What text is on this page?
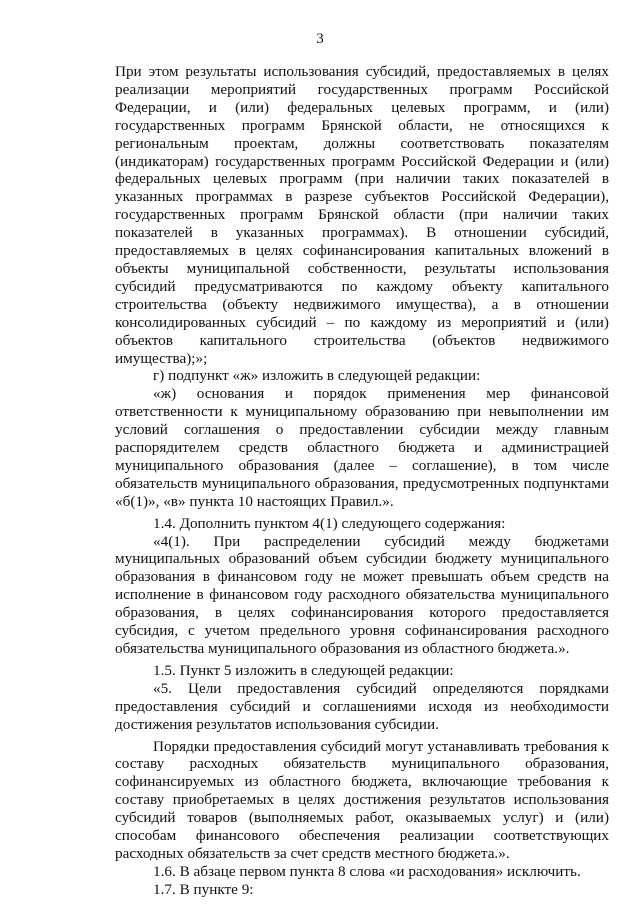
3

При этом результаты использования субсидий, предоставляемых в целях реализации мероприятий государственных программ Российской Федерации, и (или) федеральных целевых программ, и (или) государственных программ Брянской области, не относящихся к региональным проектам, должны соответствовать показателям (индикаторам) государственных программ Российской Федерации и (или) федеральных целевых программ (при наличии таких показателей в указанных программах в разрезе субъектов Российской Федерации), государственных программ Брянской области (при наличии таких показателей в указанных программах). В отношении субсидий, предоставляемых в целях софинансирования капитальных вложений в объекты муниципальной собственности, результаты использования субсидий предусматриваются по каждому объекту капитального строительства (объекту недвижимого имущества), а в отношении консолидированных субсидий – по каждому из мероприятий и (или) объектов капитального строительства (объектов недвижимого имущества);»;

г) подпункт «ж» изложить в следующей редакции:

«ж) основания и порядок применения мер финансовой ответственности к муниципальному образованию при невыполнении им условий соглашения о предоставлении субсидии между главным распорядителем средств областного бюджета и администрацией муниципального образования (далее – соглашение), в том числе обязательств муниципального образования, предусмотренных подпунктами «б(1)», «в» пункта 10 настоящих Правил.».

1.4. Дополнить пунктом 4(1) следующего содержания:

«4(1). При распределении субсидий между бюджетами муниципальных образований объем субсидии бюджету муниципального образования в финансовом году не может превышать объем средств на исполнение в финансовом году расходного обязательства муниципального образования, в целях софинансирования которого предоставляется субсидия, с учетом предельного уровня софинансирования расходного обязательства муниципального образования из областного бюджета.».

1.5. Пункт 5 изложить в следующей редакции:

«5. Цели предоставления субсидий определяются порядками предоставления субсидий и соглашениями исходя из необходимости достижения результатов использования субсидии.

Порядки предоставления субсидий могут устанавливать требования к составу расходных обязательств муниципального образования, софинансируемых из областного бюджета, включающие требования к составу приобретаемых в целях достижения результатов использования субсидий товаров (выполняемых работ, оказываемых услуг) и (или) способам финансового обеспечения реализации соответствующих расходных обязательств за счет средств местного бюджета.».

1.6. В абзаце первом пункта 8 слова «и расходования» исключить.

1.7. В пункте 9:
